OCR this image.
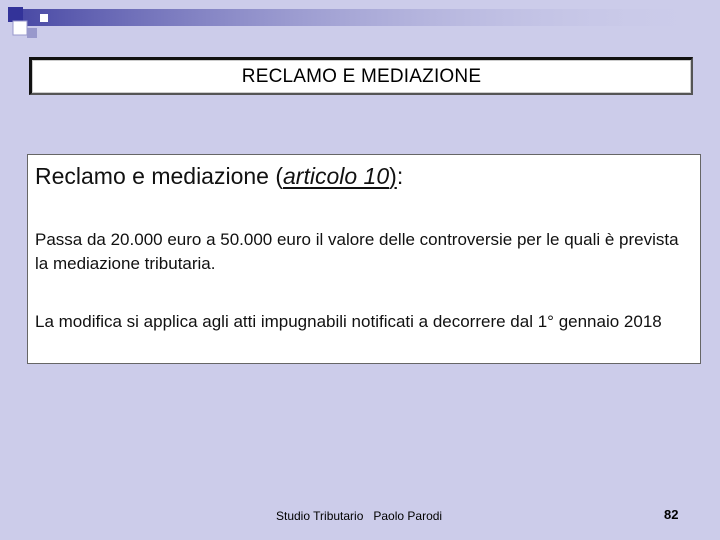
RECLAMO E MEDIAZIONE
Reclamo e mediazione (articolo 10):
Passa da 20.000 euro a 50.000 euro il valore delle controversie per le quali è prevista la mediazione tributaria.
La modifica si applica agli atti impugnabili notificati a decorrere dal 1° gennaio 2018
Studio Tributario   Paolo Parodi	82
